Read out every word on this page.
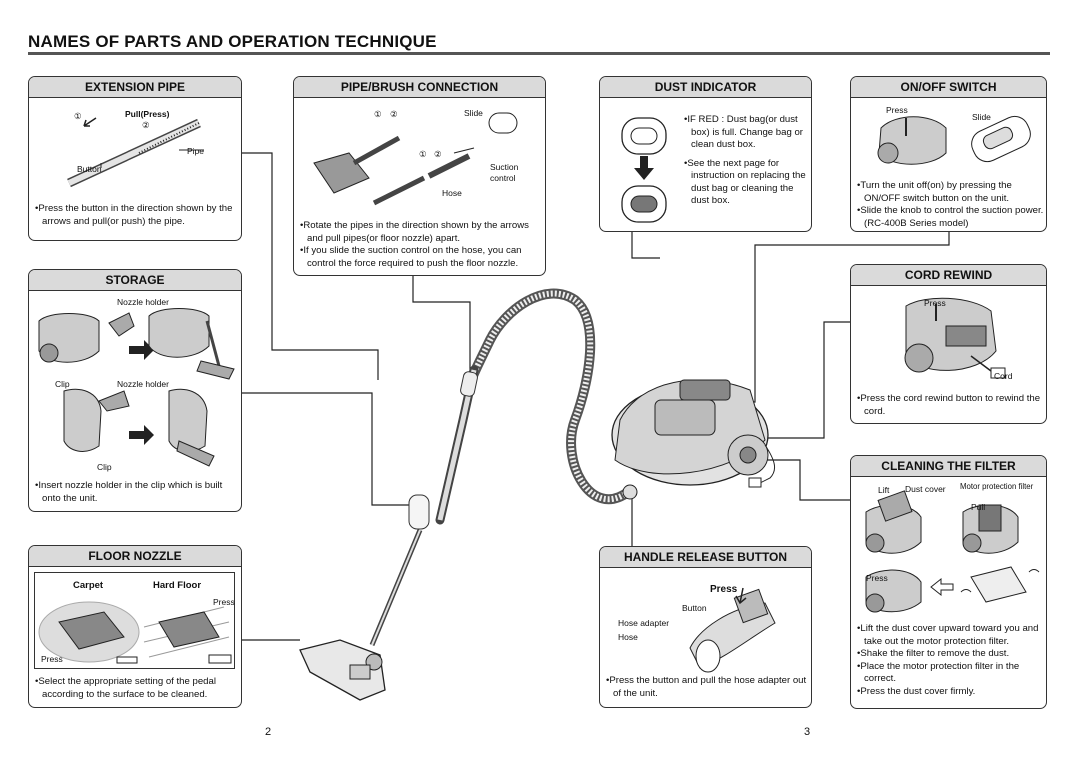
NAMES OF PARTS AND OPERATION TECHNIQUE
EXTENSION PIPE
①	Pull(Press)
②
Pipe
Button

•Press the button in the direction shown by the arrows and pull(or push) the pipe.

PIPE/BRUSH CONNECTION
① ②	Slide
① ②
Suction
control
Hose

•Rotate the pipes in the direction shown by the arrows and pull pipes(or floor nozzle) apart.

•If you slide the suction control on the hose, you can control the force required to push the floor nozzle.

DUST INDICATOR

•IF RED : Dust bag(or dust box) is full. Change bag or clean dust box.

•See the next page for instruction on replacing the dust bag or cleaning the dust box.

ON/OFF SWITCH
Press
Slide

•Turn the unit off(on) by pressing the ON/OFF switch button on the unit.

•Slide the knob to control the suction power.(RC-400B Series model)

STORAGE
Nozzle holder
Clip	Nozzle holder
Clip

•Insert nozzle holder in the clip which is built onto the unit.

CORD REWIND
Press
Cord

•Press the cord rewind button to rewind the cord.

CLEANING THE FILTER
Lift Dust cover Motor protection filter
Pull
Press

•Lift the dust cover upward toward you and take out the motor protection filter.

•Shake the filter to remove the dust.

•Place the motor protection filter in the correct.

•Press the dust cover firmly.

FLOOR NOZZLE
Carpet	Hard Floor
Press
Press

•Select the appropriate setting of the pedal according to the surface to be cleaned.

HANDLE RELEASE BUTTON
Press
Button
Hose adapter
Hose

•Press the button and pull the hose adapter out of the unit.

2	3
